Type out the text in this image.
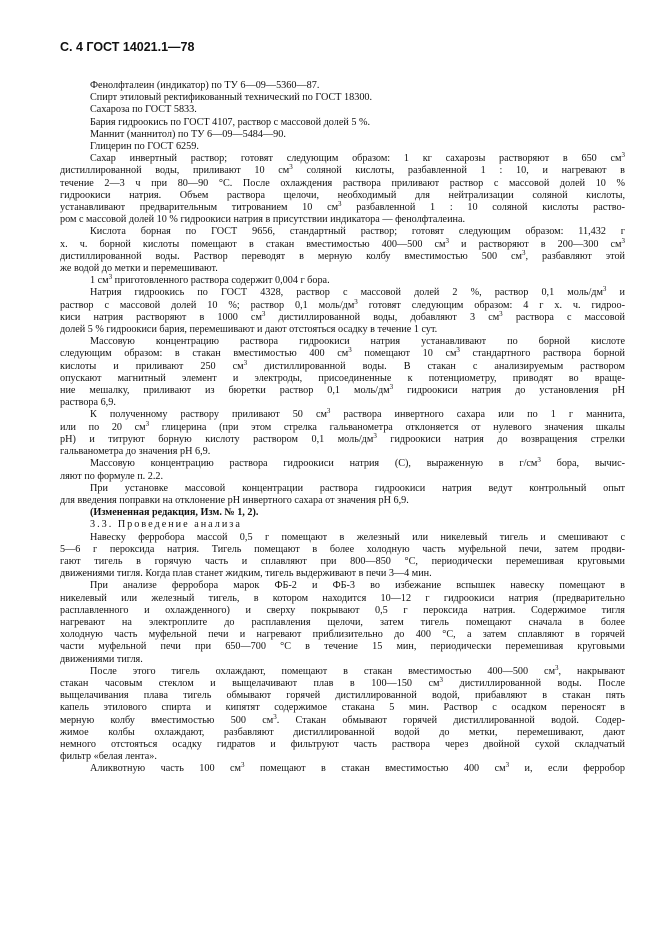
С. 4 ГОСТ 14021.1—78
Фенолфталеин (индикатор) по ТУ 6—09—5360—87.
Спирт этиловый ректификованный технический по ГОСТ 18300.
Сахароза по ГОСТ 5833.
Бария гидроокись по ГОСТ 4107, раствор с массовой долей 5 %.
Маннит (маннитол) по ТУ 6—09—5484—90.
Глицерин по ГОСТ 6259.
Сахар инвертный раствор; готовят следующим образом: 1 кг сахарозы растворяют в 650 $см^3$
дистиллированной воды, приливают 10 $см^3$ соляной кислоты, разбавленной 1 : 10, и нагревают в
течение 2—3 ч при 80—90 °С. После охлаждения раствора приливают раствор с массовой долей 10 %
гидроокиси натрия. Объем раствора щелочи, необходимый для нейтрализации соляной кислоты,
устанавливают предварительным титрованием 10 $см^3$ разбавленной 1 : 10 соляной кислоты раство-
ром с массовой долей 10 % гидроокиси натрия в присутствии индикатора — фенолфталеина.
Кислота борная по ГОСТ 9656, стандартный раствор; готовят следующим образом: 11,432 г
х. ч. борной кислоты помещают в стакан вместимостью 400—500 $см^3$ и растворяют в 200—300 $см^3$
дистиллированной воды. Раствор переводят в мерную колбу вместимостью 500 $см^3$, разбавляют этой
же водой до метки и перемешивают.
1 $см^3$ приготовленного раствора содержит 0,004 г бора.
Натрия гидроокись по ГОСТ 4328, раствор с массовой долей 2 %, раствор 0,1 моль/$дм^3$ и
раствор с массовой долей 10 %; раствор 0,1 моль/$дм^3$ готовят следующим образом: 4 г х. ч. гидроо-
киси натрия растворяют в 1000 $см^3$ дистиллированной воды, добавляют 3 $см^3$ раствора с массовой
долей 5 % гидроокиси бария, перемешивают и дают отстояться осадку в течение 1 сут.
Массовую концентрацию раствора гидроокиси натрия устанавливают по борной кислоте
следующим образом: в стакан вместимостью 400 $см^3$ помещают 10 $см^3$ стандартного раствора борной
кислоты и приливают 250 $см^3$ дистиллированной воды. В стакан с анализируемым раствором
опускают магнитный элемент и электроды, присоединенные к потенциометру, приводят во враще-
ние мешалку, приливают из бюретки раствор 0,1 моль/$дм^3$ гидроокиси натрия до установления рН
раствора 6,9.
К полученному раствору приливают 50 $см^3$ раствора инвертного сахара или по 1 г маннита,
или по 20 $см^3$ глицерина (при этом стрелка гальванометра отклоняется от нулевого значения шкалы
рН) и титруют борную кислоту раствором 0,1 моль/$дм^3$ гидроокиси натрия до возвращения стрелки
гальванометра до значения рН 6,9.
Массовую концентрацию раствора гидроокиси натрия (С), выраженную в $г/см^3$ бора, вычис-
ляют по формуле п. 2.2.
При установке массовой концентрации раствора гидроокиси натрия ведут контрольный опыт
для введения поправки на отклонение рН инвертного сахара от значения рН 6,9.
(Измененная редакция, Изм. № 1, 2).
3.3. Проведение анализа
Навеску ферробора массой 0,5 г помещают в железный или никелевый тигель и смешивают с
5—6 г пероксида натрия. Тигель помещают в более холодную часть муфельной печи, затем продви-
гают тигель в горячую часть и сплавляют при 800—850 °С, периодически перемешивая круговыми
движениями тигля. Когда плав станет жидким, тигель выдерживают в печи 3—4 мин.
При анализе ферробора марок ФБ-2 и ФБ-3 во избежание вспышек навеску помещают в
никелевый или железный тигель, в котором находится 10—12 г гидроокиси натрия (предварительно
расплавленного и охлажденного) и сверху покрывают 0,5 г пероксида натрия. Содержимое тигля
нагревают на электроплите до расплавления щелочи, затем тигель помещают сначала в более
холодную часть муфельной печи и нагревают приблизительно до 400 °С, а затем сплавляют в горячей
части муфельной печи при 650—700 °С в течение 15 мин, периодически перемешивая круговыми
движениями тигля.
После этого тигель охлаждают, помещают в стакан вместимостью 400—500 $см^3$, накрывают
стакан часовым стеклом и выщелачивают плав в 100—150 $см^3$ дистиллированной воды. После
выщелачивания плава тигель обмывают горячей дистиллированной водой, прибавляют в стакан пять
капель этилового спирта и кипятят содержимое стакана 5 мин. Раствор с осадком переносят в
мерную колбу вместимостью 500 $см^3$. Стакан обмывают горячей дистиллированной водой. Содер-
жимое колбы охлаждают, разбавляют дистиллированной водой до метки, перемешивают, дают
немного отстояться осадку гидратов и фильтруют часть раствора через двойной сухой складчатый
фильтр «белая лента».
Аликвотную часть 100 $см^3$ помещают в стакан вместимостью 400 $см^3$ и, если ферробор
